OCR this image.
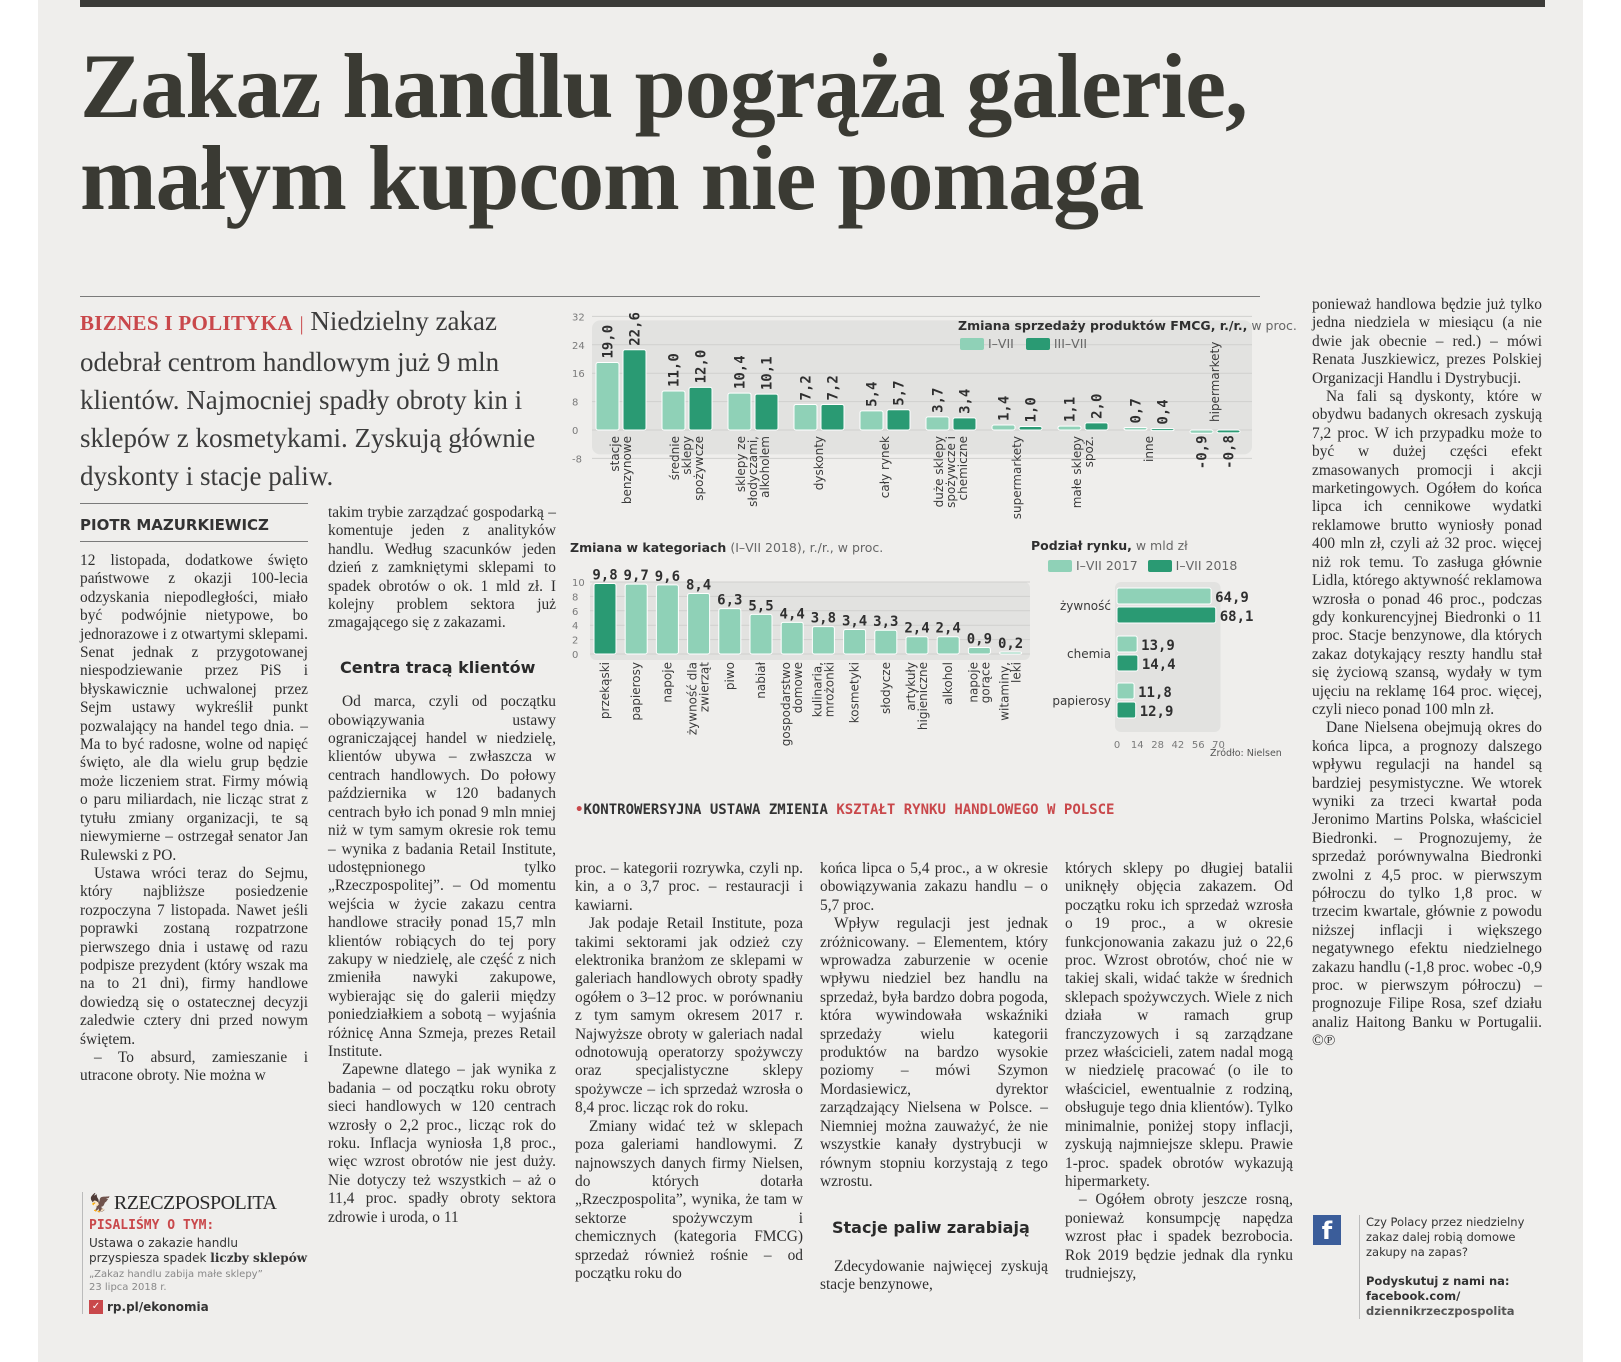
Zakaz handlu pogrąża galerie,
małym kupcom nie pomaga
BIZNES I POLITYKA | Niedzielny zakaz odebrał centrom handlowym już 9 mln klientów. Najmocniej spadły obroty kin i sklepów z kosmetykami. Zyskują głównie dyskonty i stacje paliw.
PIOTR MAZURKIEWICZ

12 listopada, dodatkowe święto państwowe z okazji 100-lecia odzyskania niepodległości, miało być podwójnie nietypowe, bo jednorazowe i z otwartymi sklepami. Senat jednak z przygotowanej niespodziewanie przez PiS i błyskawicznie uchwalonej przez Sejm ustawy wykreślił punkt pozwalający na handel tego dnia. – Ma to być radosne, wolne od napięć święto, ale dla wielu grup będzie może liczeniem strat. Firmy mówią o paru miliardach, nie licząc strat z tytułu zmiany organizacji, te są niewymierne – ostrzegał senator Jan Rulewski z PO.

Ustawa wróci teraz do Sejmu, który najbliższe posiedzenie rozpoczyna 7 listopada. Nawet jeśli poprawki zostaną rozpatrzone pierwszego dnia i ustawę od razu podpisze prezydent (który wszak ma na to 21 dni), firmy handlowe dowiedzą się o ostatecznej decyzji zaledwie cztery dni przed nowym świętem.

– To absurd, zamieszanie i utracone obroty. Nie można w

takim trybie zarządzać gospodarką – komentuje jeden z analityków handlu. Według szacunków jeden dzień z zamkniętymi sklepami to spadek obrotów o ok. 1 mld zł. I kolejny problem sektora już zmagającego się z zakazami.

Centra tracą klientów

Od marca, czyli od początku obowiązywania ustawy ograniczającej handel w niedzielę, klientów ubywa – zwłaszcza w centrach handlowych. Do połowy października w 120 badanych centrach było ich ponad 9 mln mniej niż w tym samym okresie rok temu – wynika z badania Retail Institute, udostępnionego tylko „Rzeczpospolitej”. – Od momentu wejścia w życie zakazu centra handlowe straciły ponad 15,7 mln klientów robiących do tej pory zakupy w niedzielę, ale część z nich zmieniła nawyki zakupowe, wybierając się do galerii między poniedziałkiem a sobotą – wyjaśnia różnicę Anna Szmeja, prezes Retail Institute.

Zapewne dlatego – jak wynika z badania – od początku roku obroty sieci handlowych w 120 centrach wzrosły o 2,2 proc., licząc rok do roku. Inflacja wyniosła 1,8 proc., więc wzrost obrotów nie jest duży. Nie dotyczy też wszystkich – aż o 11,4 proc. spadły obroty sektora zdrowie i uroda, o 11

32
24
16
8
0
-8
19,0 22,6
stacje
benzynowe
11,0 12,0
średnie
sklepy
spożywcze
10,4 10,1
sklepy ze
słodyczami,
alkoholem
7,2 7,2
dyskonty
5,4 5,7
cały rynek
3,7 3,4
duże sklepy
spożywcze i
chemiczne
1,4 1,0
supermarkety
1,1 2,0
małe sklepy
spoż.
0,7 0,4
inne	-0,9 -0,8
hipermarkety
Zmiana sprzedaży produktów FMCG, r./r., w proc.
I–VII	III–VII
Zmiana w kategoriach (I–VII 2018), r./r., w proc.
10
8
6
4
2
0
9,8
przekąski
9,7
papierosy
9,6
napoje
8,4
żywność dla
zwierząt
6,3
piwo
5,5
nabiał
4,4
gospodarstwo
domowe
3,8
kulinaria,
mrożonki
3,4
kosmetyki
3,3
słodycze
2,4
artykuły
higieniczne
2,4
alkohol
0,9
napoje
gorące
0,2
witaminy,
leki
Podział rynku, w mld zł
I–VII 2017	I–VII 2018
żywność	64,9
68,1
chemia 13,9
14,4
papierosy 11,8
12,9
0 14 28 42 56 70
Źródło: Nielsen
•KONTROWERSYJNA USTAWA ZMIENIA KSZTAŁT RYNKU HANDLOWEGO W POLSCE

proc. – kategorii rozrywka, czyli np. kin, a o 3,7 proc. – restauracji i kawiarni.

Jak podaje Retail Institute, poza takimi sektorami jak odzież czy elektronika branżom ze sklepami w galeriach handlowych obroty spadły ogółem o 3–12 proc. w porównaniu z tym samym okresem 2017 r. Najwyższe obroty w galeriach nadal odnotowują operatorzy spożywczy oraz specjalistyczne sklepy spożywcze – ich sprzedaż wzrosła o 8,4 proc. licząc rok do roku.

Zmiany widać też w sklepach poza galeriami handlowymi. Z najnowszych danych firmy Nielsen, do których dotarła „Rzeczpospolita”, wynika, że tam w sektorze spożywczym i chemicznych (kategoria FMCG) sprzedaż również rośnie – od początku roku do

końca lipca o 5,4 proc., a w okresie obowiązywania zakazu handlu – o 5,7 proc.

Wpływ regulacji jest jednak zróżnicowany. – Elementem, który wprowadza zaburzenie w ocenie wpływu niedziel bez handlu na sprzedaż, była bardzo dobra pogoda, która wywindowała wskaźniki sprzedaży wielu kategorii produktów na bardzo wysokie poziomy – mówi Szymon Mordasiewicz, dyrektor zarządzający Nielsena w Polsce. – Niemniej można zauważyć, że nie wszystkie kanały dystrybucji w równym stopniu korzystają z tego wzrostu.

Stacje paliw zarabiają

Zdecydowanie najwięcej zyskują stacje benzynowe,

których sklepy po długiej batalii uniknęły objęcia zakazem. Od początku roku ich sprzedaż wzrosła o 19 proc., a w okresie funkcjonowania zakazu już o 22,6 proc. Wzrost obrotów, choć nie w takiej skali, widać także w średnich sklepach spożywczych. Wiele z nich działa w ramach grup franczyzowych i są zarządzane przez właścicieli, zatem nadal mogą w niedzielę pracować (o ile to właściciel, ewentualnie z rodziną, obsługuje tego dnia klientów). Tylko minimalnie, poniżej stopy inflacji, zyskują najmniejsze sklepu. Prawie 1-proc. spadek obrotów wykazują hipermarkety.

– Ogółem obroty jeszcze rosną, ponieważ konsumpcję napędza wzrost płac i spadek bezrobocia. Rok 2019 będzie jednak dla rynku trudniejszy,

ponieważ handlowa będzie już tylko jedna niedziela w miesiącu (a nie dwie jak obecnie – red.) – mówi Renata Juszkiewicz, prezes Polskiej Organizacji Handlu i Dystrybucji.

Na fali są dyskonty, które w obydwu badanych okresach zyskują 7,2 proc. W ich przypadku może to być w dużej części efekt zmasowanych promocji i akcji marketingowych. Ogółem do końca lipca ich cennikowe wydatki reklamowe brutto wyniosły ponad 400 mln zł, czyli aż 32 proc. więcej niż rok temu. To zasługa głównie Lidla, którego aktywność reklamowa wzrosła o ponad 46 proc., podczas gdy konkurencyjnej Biedronki o 11 proc. Stacje benzynowe, dla których zakaz dotykający reszty handlu stał się życiową szansą, wydały w tym ujęciu na reklamę 164 proc. więcej, czyli nieco ponad 100 mln zł.

Dane Nielsena obejmują okres do końca lipca, a prognozy dalszego wpływu regulacji na handel są bardziej pesymistyczne. We wtorek wyniki za trzeci kwartał poda Jeronimo Martins Polska, właściciel Biedronki. – Prognozujemy, że sprzedaż porównywalna Biedronki zwolni z 4,5 proc. w pierwszym półroczu do tylko 1,8 proc. w trzecim kwartale, głównie z powodu niższej inflacji i większego negatywnego efektu niedzielnego zakazu handlu (-1,8 proc. wobec -0,9 proc. w pierwszym półroczu) – prognozuje Filipe Rosa, szef działu analiz Haitong Banku w Portugalii. ©℗

🦅 RZECZPOSPOLITA
PISALIŚMY O TYM:
Ustawa o zakazie handlu przyspiesza spadek liczby sklepów
„Zakaz handlu zabija małe sklepy”
23 lipca 2018 r.
✓ rp.pl/ekonomia
f	Czy Polacy przez niedzielny zakaz dalej robią domowe zakupy na zapas?
Podyskutuj z nami na:
facebook.com/
dziennikrzeczpospolita
